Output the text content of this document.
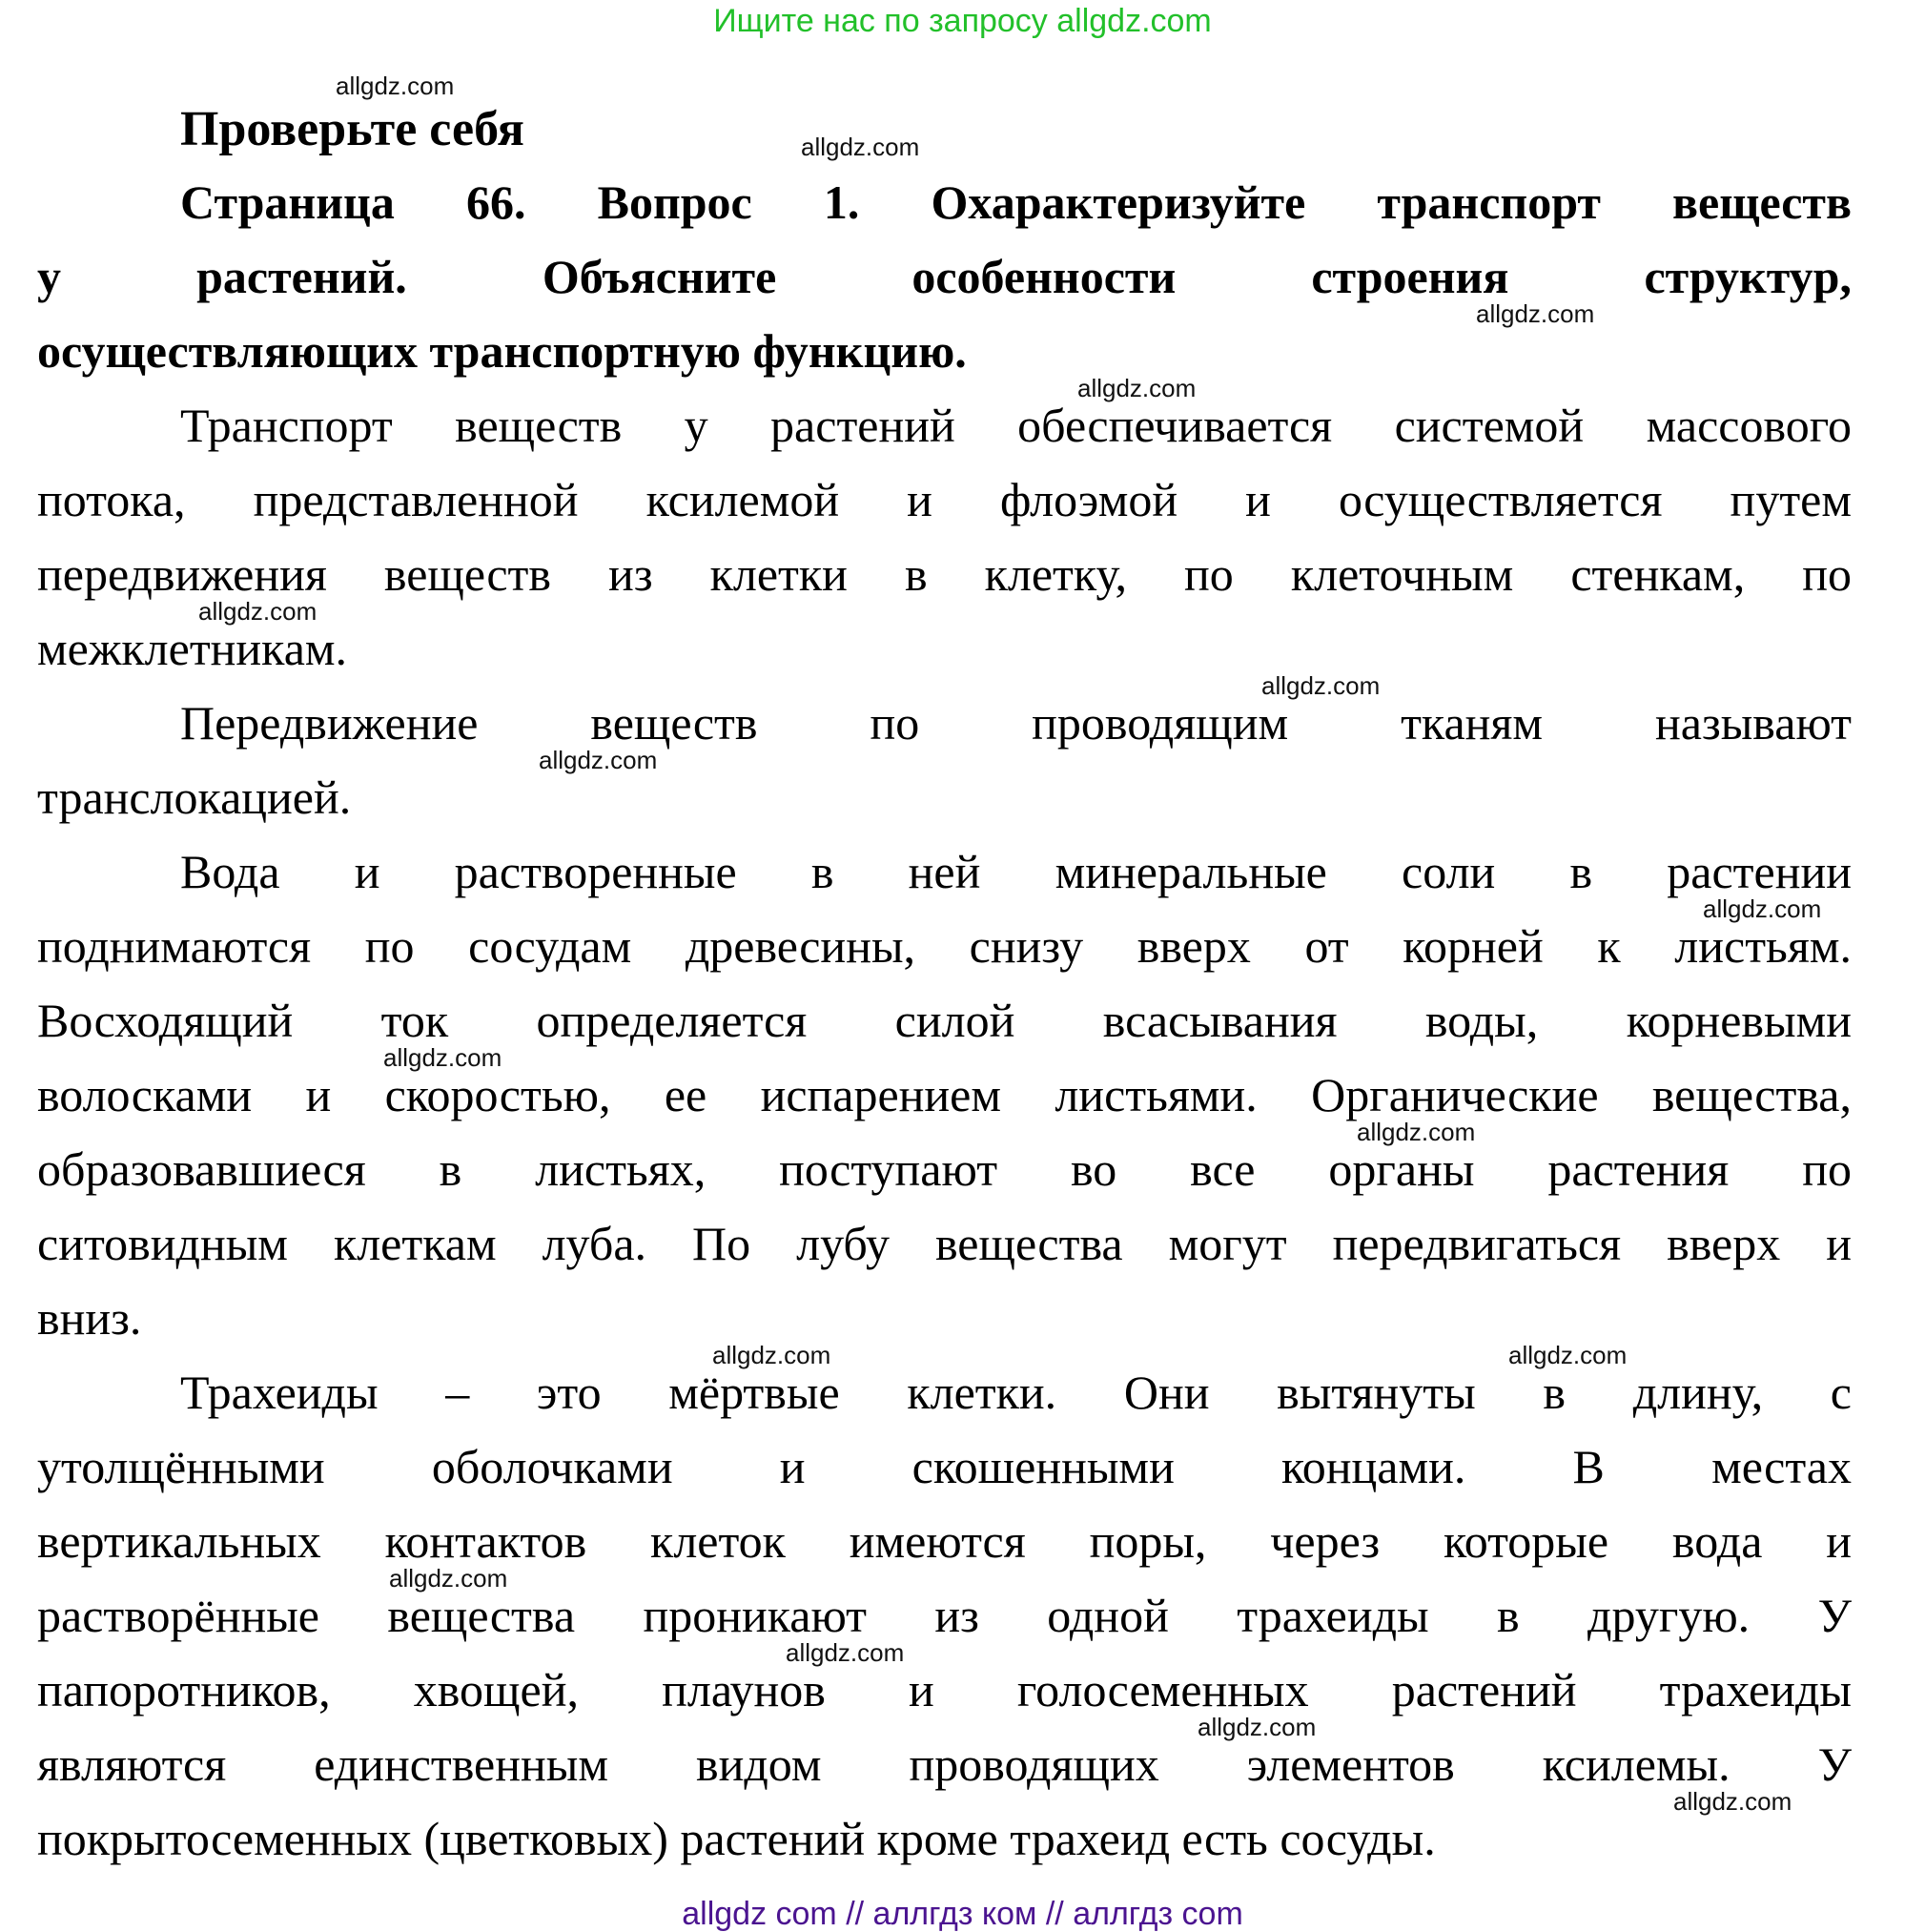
Ищите нас по запросу allgdz.com
Проверьте себя
Страница 66. Вопрос 1. Охарактеризуйте транспорт веществ
у растений. Объясните особенности строения структур,
осуществляющих транспортную функцию.
Транспорт веществ у растений обеспечивается системой массового
потока, представленной ксилемой и флоэмой и осуществляется путем
передвижения веществ из клетки в клетку, по клеточным стенкам, по
межклетникам.
Передвижение веществ по проводящим тканям называют
транслокацией.
Вода и растворенные в ней минеральные соли в растении
поднимаются по сосудам древесины, снизу вверх от корней к листьям.
Восходящий ток определяется силой всасывания воды, корневыми
волосками и скоростью, ее испарением листьями. Органические вещества,
образовавшиеся в листьях, поступают во все органы растения по
ситовидным клеткам луба. По лубу вещества могут передвигаться вверх и
вниз.
Трахеиды – это мёртвые клетки. Они вытянуты в длину, с
утолщёнными оболочками и скошенными концами. В местах
вертикальных контактов клеток имеются поры, через которые вода и
растворённые вещества проникают из одной трахеиды в другую. У
папоротников, хвощей, плаунов и голосеменных растений трахеиды
являются единственным видом проводящих элементов ксилемы. У
покрытосеменных (цветковых) растений кроме трахеид есть сосуды.
allgdz.com
allgdz.com
allgdz.com
allgdz.com
allgdz.com
allgdz.com
allgdz.com
allgdz.com
allgdz.com
allgdz.com
allgdz.com	allgdz.com
allgdz.com
allgdz.com
allgdz.com
allgdz.com
allgdz com // аллгдз ком // аллгдз com
